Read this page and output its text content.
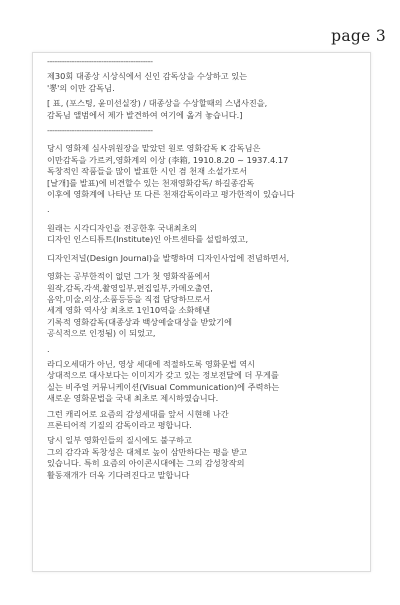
page 3

-------------------------------------------

제30회 대종상 시상식에서 신인 감독상을 수상하고 있는

'뽕'의 이만 감독님.

[ 표, (포스팅, 윤미선실장) / 대종상을 수상할때의 스냅사진을,

감독님 앨범에서 제가 발견하여 여기에 옮겨 놓습니다.]

-------------------------------------------

당시 영화제 심사위원장을 맡았던 원로 영화감독 K 감독님은

이만감독을 가르켜,영화계의 이상 (李箱, 1910.8.20 ~ 1937.4.17

독창적인 작품들을 많이 발표한 시인 겸 천재 소설가로서

[날개]를 발표)에 비견할수 있는 천재영화감독/ 하길종감독

이후에 영화계에 나타난 또 다른 천재감독이라고 평가한적이 있습니다

.

원래는 시각디자인을 전공한후 국내최초의

디자인 인스티튜트(Institute)인 아트센타를 설립하였고,

디자인저널(Design Journal)을 발행하며 디자인사업에 전념하면서,

영화는 공부한적이 없던 그가 첫 영화작품에서

원작,감독,각색,촬영일부,편집일부,카메오출연,

음악,미술,의상,소품등등을 직접 담당하므로서

세계 영화 역사상 최초로 1인10역을 소화해낸

기록적 영화감독(대종상과 백상예술대상을 받았기에

공식적으로 인정됨) 이 되었고,

.

라디오세대가 아닌, 영상 세대에 적절하도록 영화문법 역시

상대적으로 대사보다는 이미지가 갖고 있는 정보전달에 더 무게를

실는 비주얼 커뮤니케이션(Visual Communication)에 주력하는

새로운 영화문법을 국내 최초로 제시하였습니다.

그런 캐리어로 요즘의 감성세대를 앞서 시현해 나간

프론티어적 기질의 감독이라고 평합니다.

당시 일부 영화인들의 질시에도 불구하고

그의 감각과 독창성은 대체로 높이 삼만하다는 평을 받고

있습니다. 특히 요즘의 아이콘시대에는 그의 감성창작의

활동재개가 더욱 기다려진다고 말합니다
